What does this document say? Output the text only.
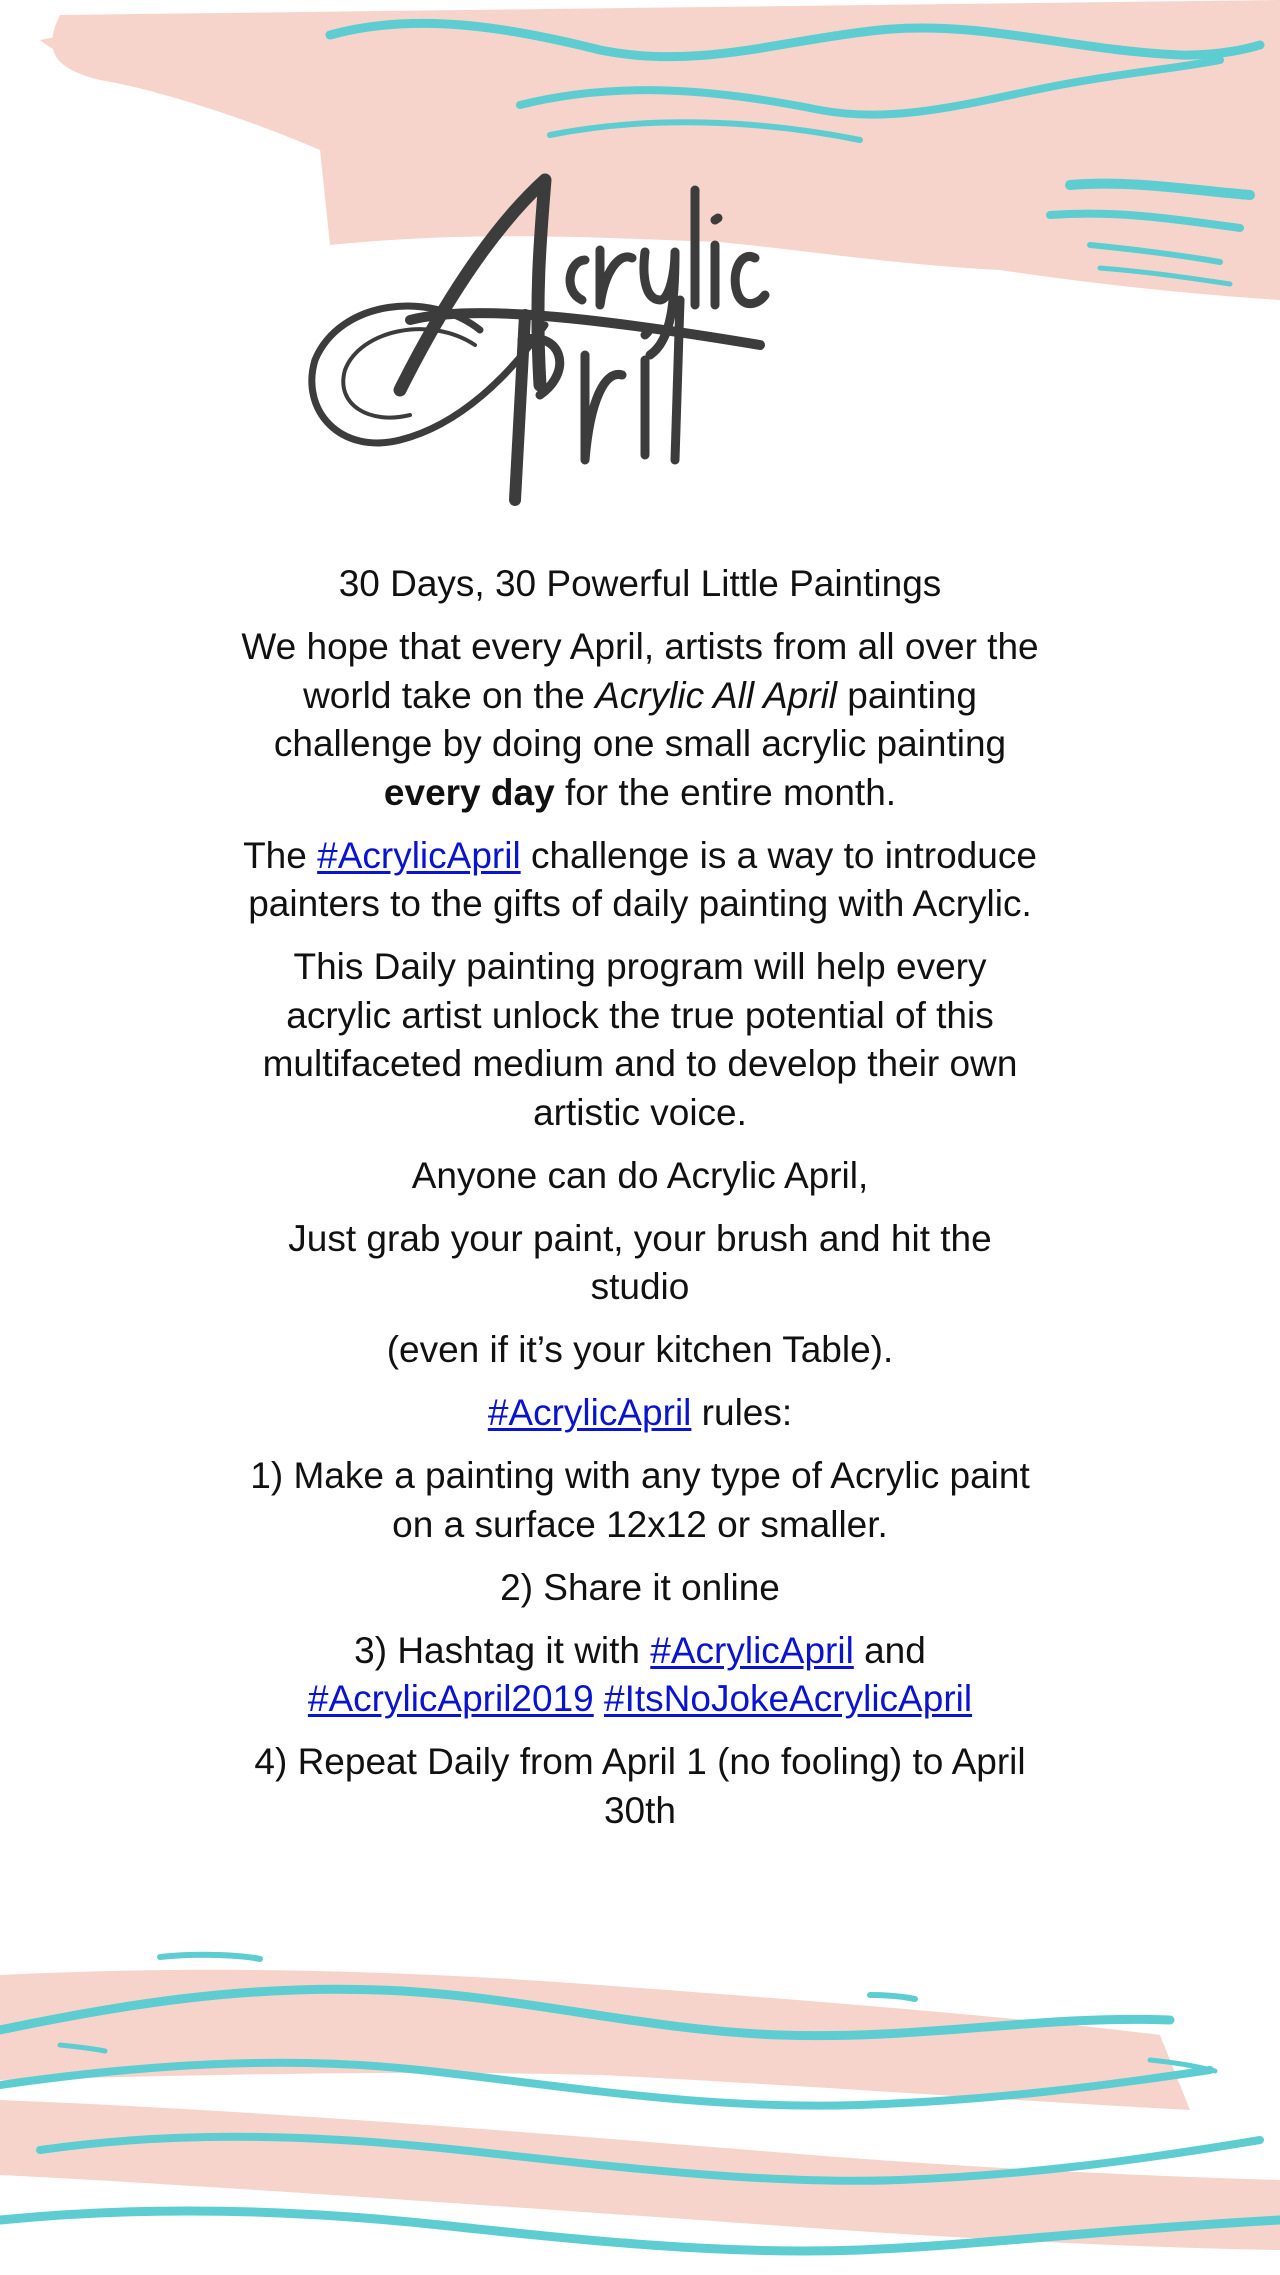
30 Days, 30 Powerful Little Paintings

We hope that every April, artists from all over the world take on the Acrylic All April painting challenge by doing one small acrylic painting every day for the entire month.

The #AcrylicApril challenge is a way to introduce painters to the gifts of daily painting with Acrylic.

This Daily painting program will help every acrylic artist unlock the true potential of this multifaceted medium and to develop their own artistic voice.

Anyone can do Acrylic April,

Just grab your paint, your brush and hit the studio

(even if it’s your kitchen Table).

#AcrylicApril rules:

1) Make a painting with any type of Acrylic paint on a surface 12x12 or smaller.

2) Share it online

3) Hashtag it with #AcrylicApril and #AcrylicApril2019 #ItsNoJokeAcrylicApril

4) Repeat Daily from April 1 (no fooling) to April 30th
